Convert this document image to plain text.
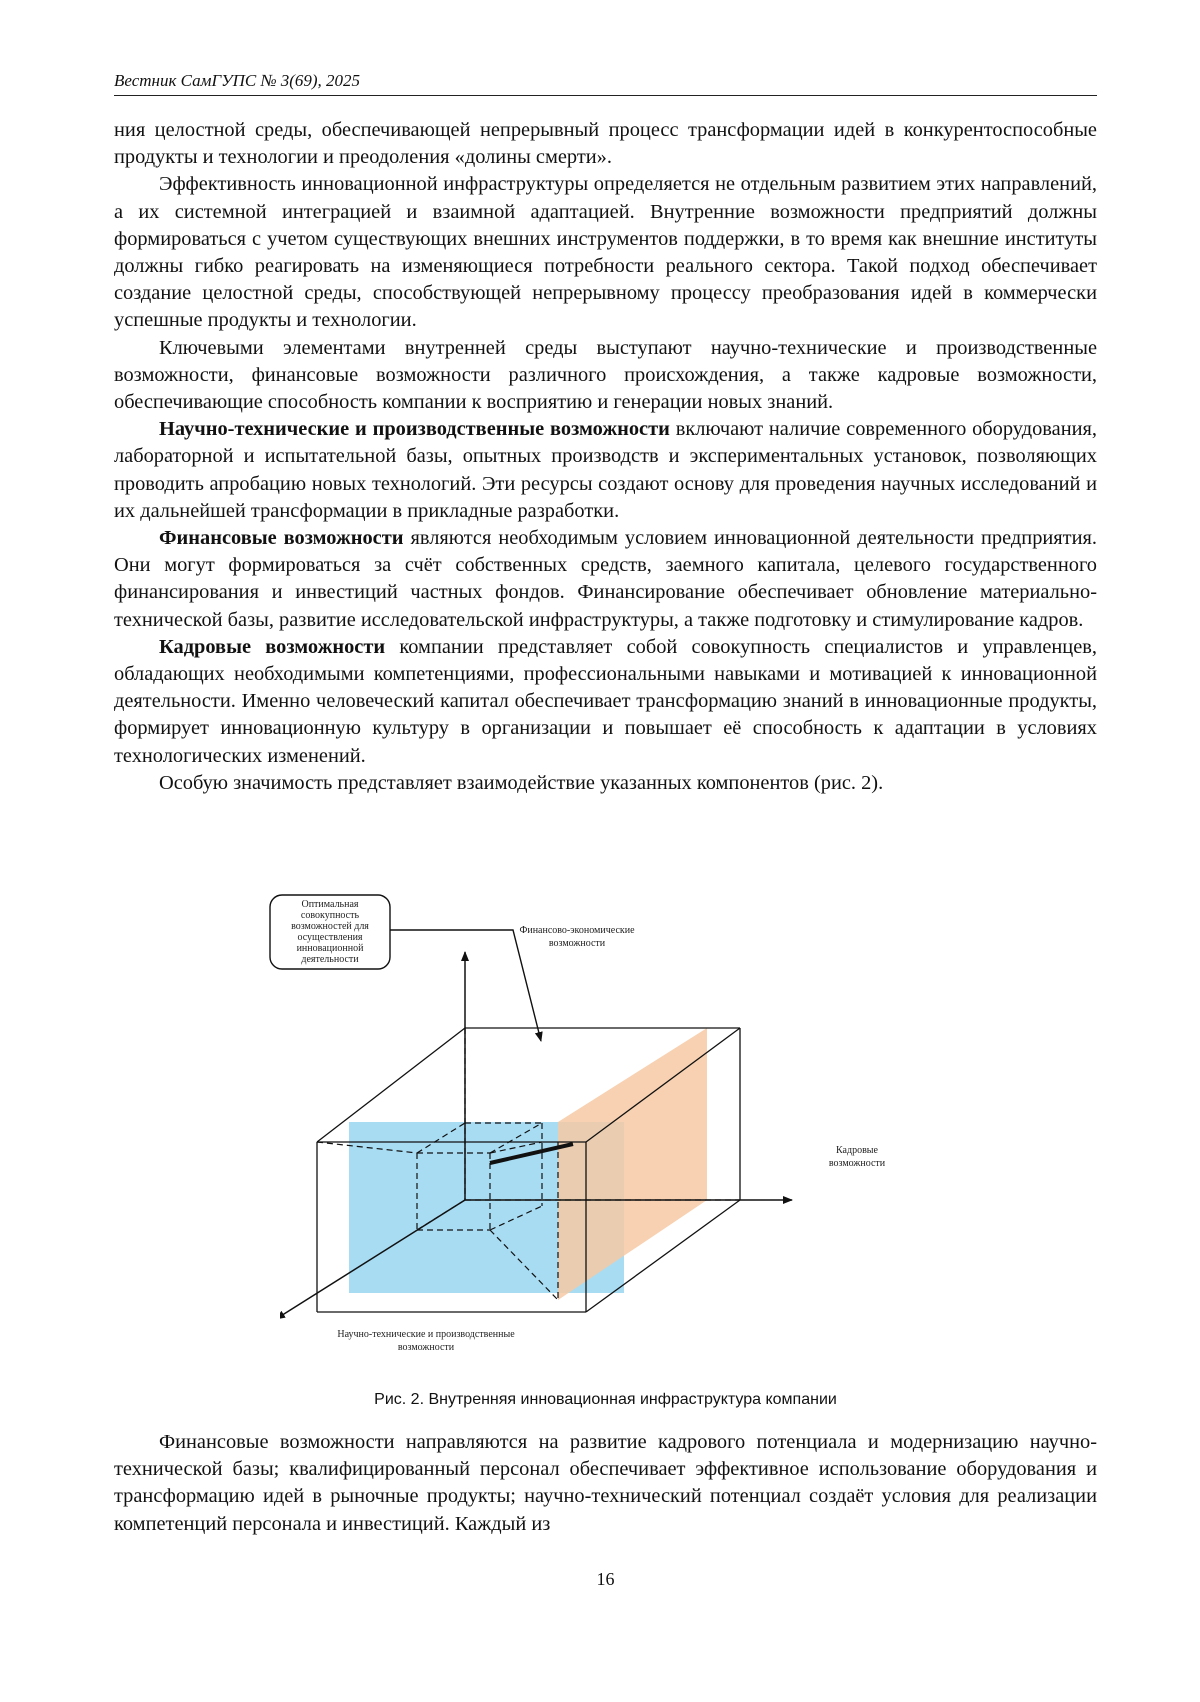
Вестник СамГУПС № 3(69), 2025

ния целостной среды, обеспечивающей непрерывный процесс трансформации идей в конкурентоспособные продукты и технологии и преодоления «долины смерти».

Эффективность инновационной инфраструктуры определяется не отдельным развитием этих направлений, а их системной интеграцией и взаимной адаптацией. Внутренние возможности предприятий должны формироваться с учетом существующих внешних инструментов поддержки, в то время как внешние институты должны гибко реагировать на изменяющиеся потребности реального сектора. Такой подход обеспечивает создание целостной среды, способствующей непрерывному процессу преобразования идей в коммерчески успешные продукты и технологии.

Ключевыми элементами внутренней среды выступают научно-технические и производственные возможности, финансовые возможности различного происхождения, а также кадровые возможности, обеспечивающие способность компании к восприятию и генерации новых знаний.

Научно-технические и производственные возможности включают наличие современного оборудования, лабораторной и испытательной базы, опытных производств и экспериментальных установок, позволяющих проводить апробацию новых технологий. Эти ресурсы создают основу для проведения научных исследований и их дальнейшей трансформации в прикладные разработки.

Финансовые возможности являются необходимым условием инновационной деятельности предприятия. Они могут формироваться за счёт собственных средств, заемного капитала, целевого государственного финансирования и инвестиций частных фондов. Финансирование обеспечивает обновление материально-технической базы, развитие исследовательской инфраструктуры, а также подготовку и стимулирование кадров.

Кадровые возможности компании представляет собой совокупность специалистов и управленцев, обладающих необходимыми компетенциями, профессиональными навыками и мотивацией к инновационной деятельности. Именно человеческий капитал обеспечивает трансформацию знаний в инновационные продукты, формирует инновационную культуру в организации и повышает её способность к адаптации в условиях технологических изменений.

Особую значимость представляет взаимодействие указанных компонентов (рис. 2).

Оптимальная
совокупность
возможностей для
осуществления
инновационной
деятельности
Финансово-экономические
возможности
Кадровые
возможности
Научно-технические и производственные
возможности
Рис. 2. Внутренняя инновационная инфраструктура компании

Финансовые возможности направляются на развитие кадрового потенциала и модернизацию научно-технической базы; квалифицированный персонал обеспечивает эффективное использование оборудования и трансформацию идей в рыночные продукты; научно-технический потенциал создаёт условия для реализации компетенций персонала и инвестиций. Каждый из

16
